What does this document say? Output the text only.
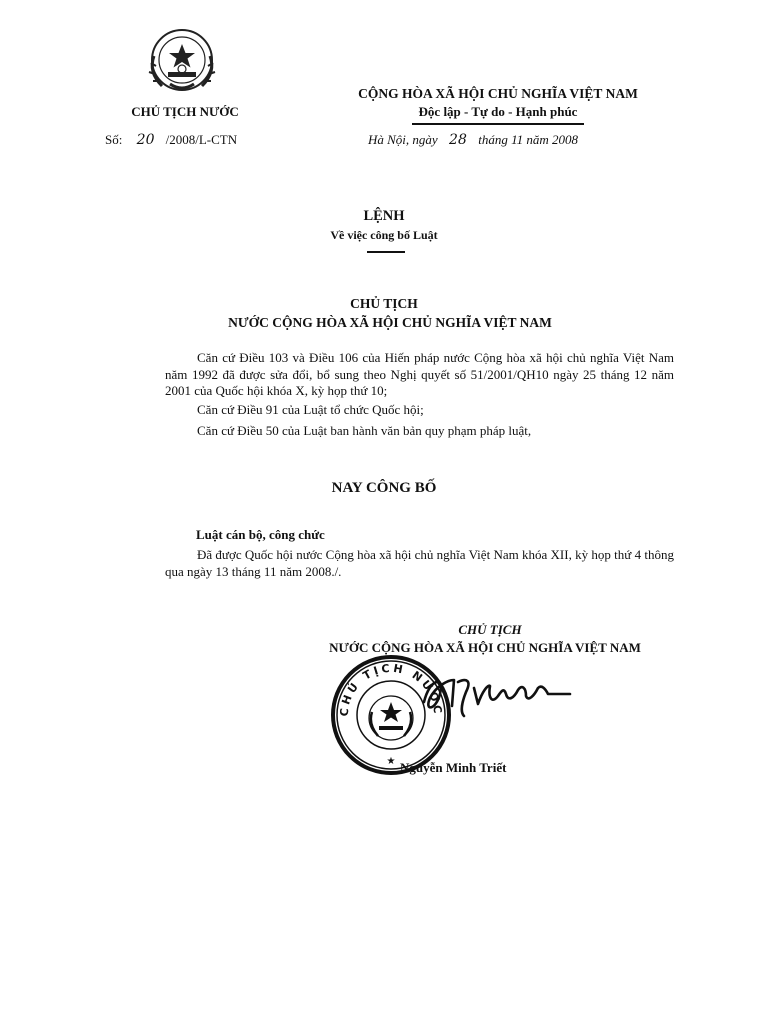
CHỦ TỊCH NƯỚC
Số: 20 /2008/L-CTN
CỘNG HÒA XÃ HỘI CHỦ NGHĨA VIỆT NAM
Độc lập - Tự do - Hạnh phúc
Hà Nội, ngày 28 tháng 11 năm 2008
LỆNH
Về việc công bố Luật
CHỦ TỊCH
NƯỚC CỘNG HÒA XÃ HỘI CHỦ NGHĨA VIỆT NAM

Căn cứ Điều 103 và Điều 106 của Hiến pháp nước Cộng hòa xã hội chủ nghĩa Việt Nam năm 1992 đã được sửa đổi, bổ sung theo Nghị quyết số 51/2001/QH10 ngày 25 tháng 12 năm 2001 của Quốc hội khóa X, kỳ họp thứ 10;

Căn cứ Điều 91 của Luật tổ chức Quốc hội;

Căn cứ Điều 50 của Luật ban hành văn bản quy phạm pháp luật,

NAY CÔNG BỐ
Luật cán bộ, công chức

Đã được Quốc hội nước Cộng hòa xã hội chủ nghĩa Việt Nam khóa XII, kỳ họp thứ 4 thông qua ngày 13 tháng 11 năm 2008./.

CHỦ TỊCH
NƯỚC CỘNG HÒA XÃ HỘI CHỦ NGHĨA VIỆT NAM
CHỦ TỊCH NƯỚC
★ Nguyễn Minh Triết
